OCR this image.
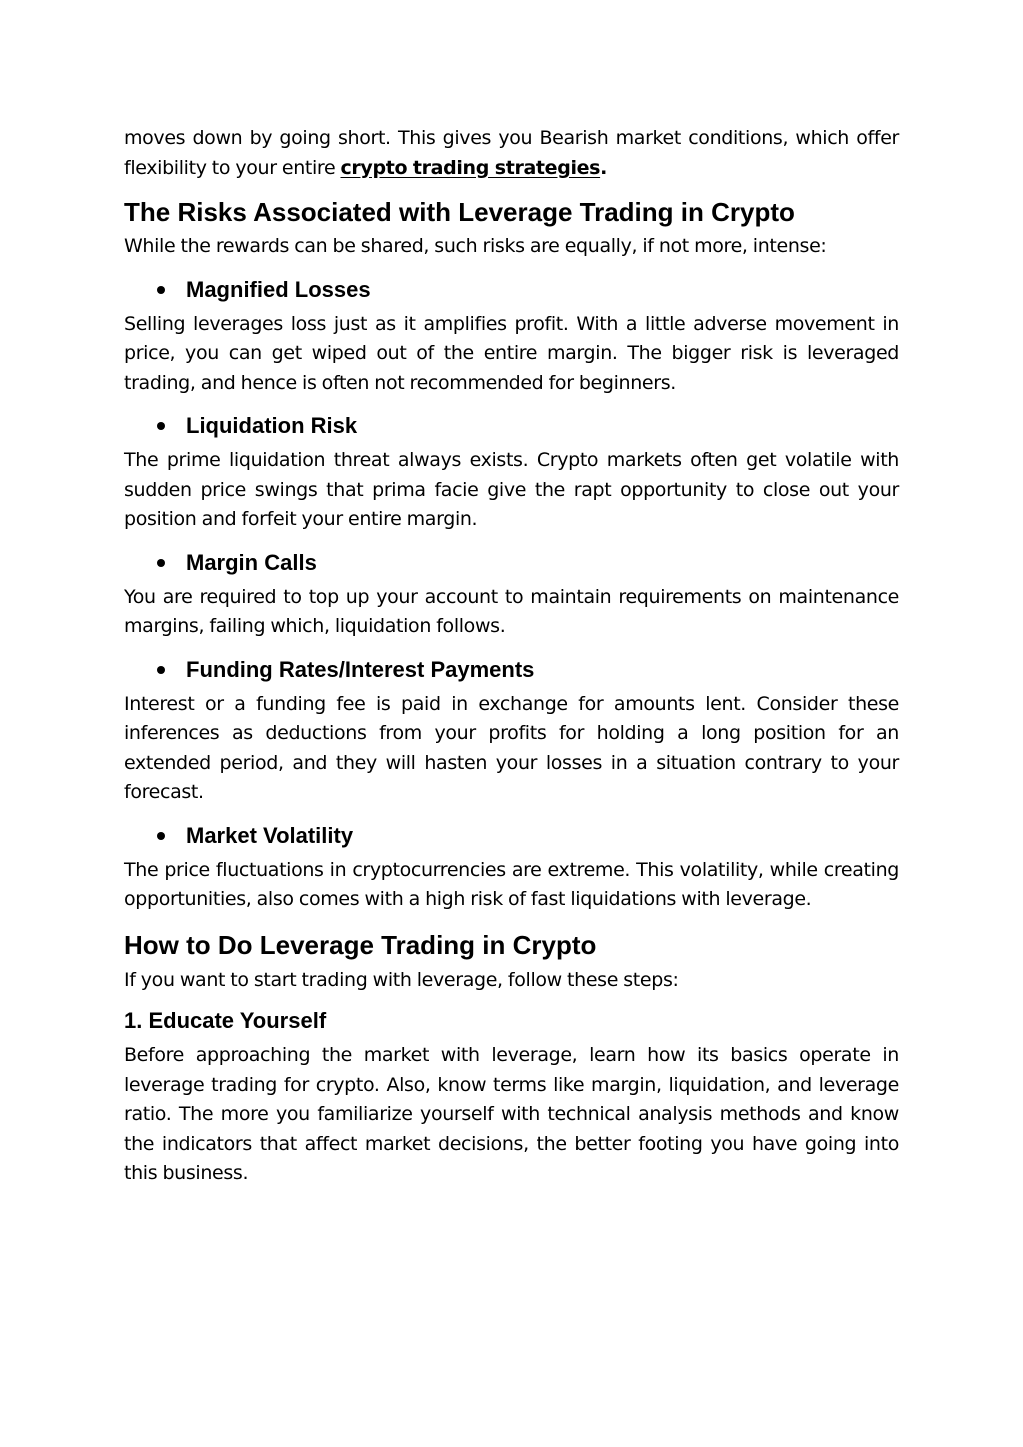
moves down by going short. This gives you Bearish market conditions, which offer flexibility to your entire crypto trading strategies.

The Risks Associated with Leverage Trading in Crypto

While the rewards can be shared, such risks are equally, if not more, intense:

Magnified Losses

Selling leverages loss just as it amplifies profit. With a little adverse movement in price, you can get wiped out of the entire margin. The bigger risk is leveraged trading, and hence is often not recommended for beginners.

Liquidation Risk

The prime liquidation threat always exists. Crypto markets often get volatile with sudden price swings that prima facie give the rapt opportunity to close out your position and forfeit your entire margin.

Margin Calls

You are required to top up your account to maintain requirements on maintenance margins, failing which, liquidation follows.

Funding Rates/Interest Payments

Interest or a funding fee is paid in exchange for amounts lent. Consider these inferences as deductions from your profits for holding a long position for an extended period, and they will hasten your losses in a situation contrary to your forecast.

Market Volatility

The price fluctuations in cryptocurrencies are extreme. This volatility, while creating opportunities, also comes with a high risk of fast liquidations with leverage.

How to Do Leverage Trading in Crypto

If you want to start trading with leverage, follow these steps:

1. Educate Yourself

Before approaching the market with leverage, learn how its basics operate in leverage trading for crypto. Also, know terms like margin, liquidation, and leverage ratio. The more you familiarize yourself with technical analysis methods and know the indicators that affect market decisions, the better footing you have going into this business.
